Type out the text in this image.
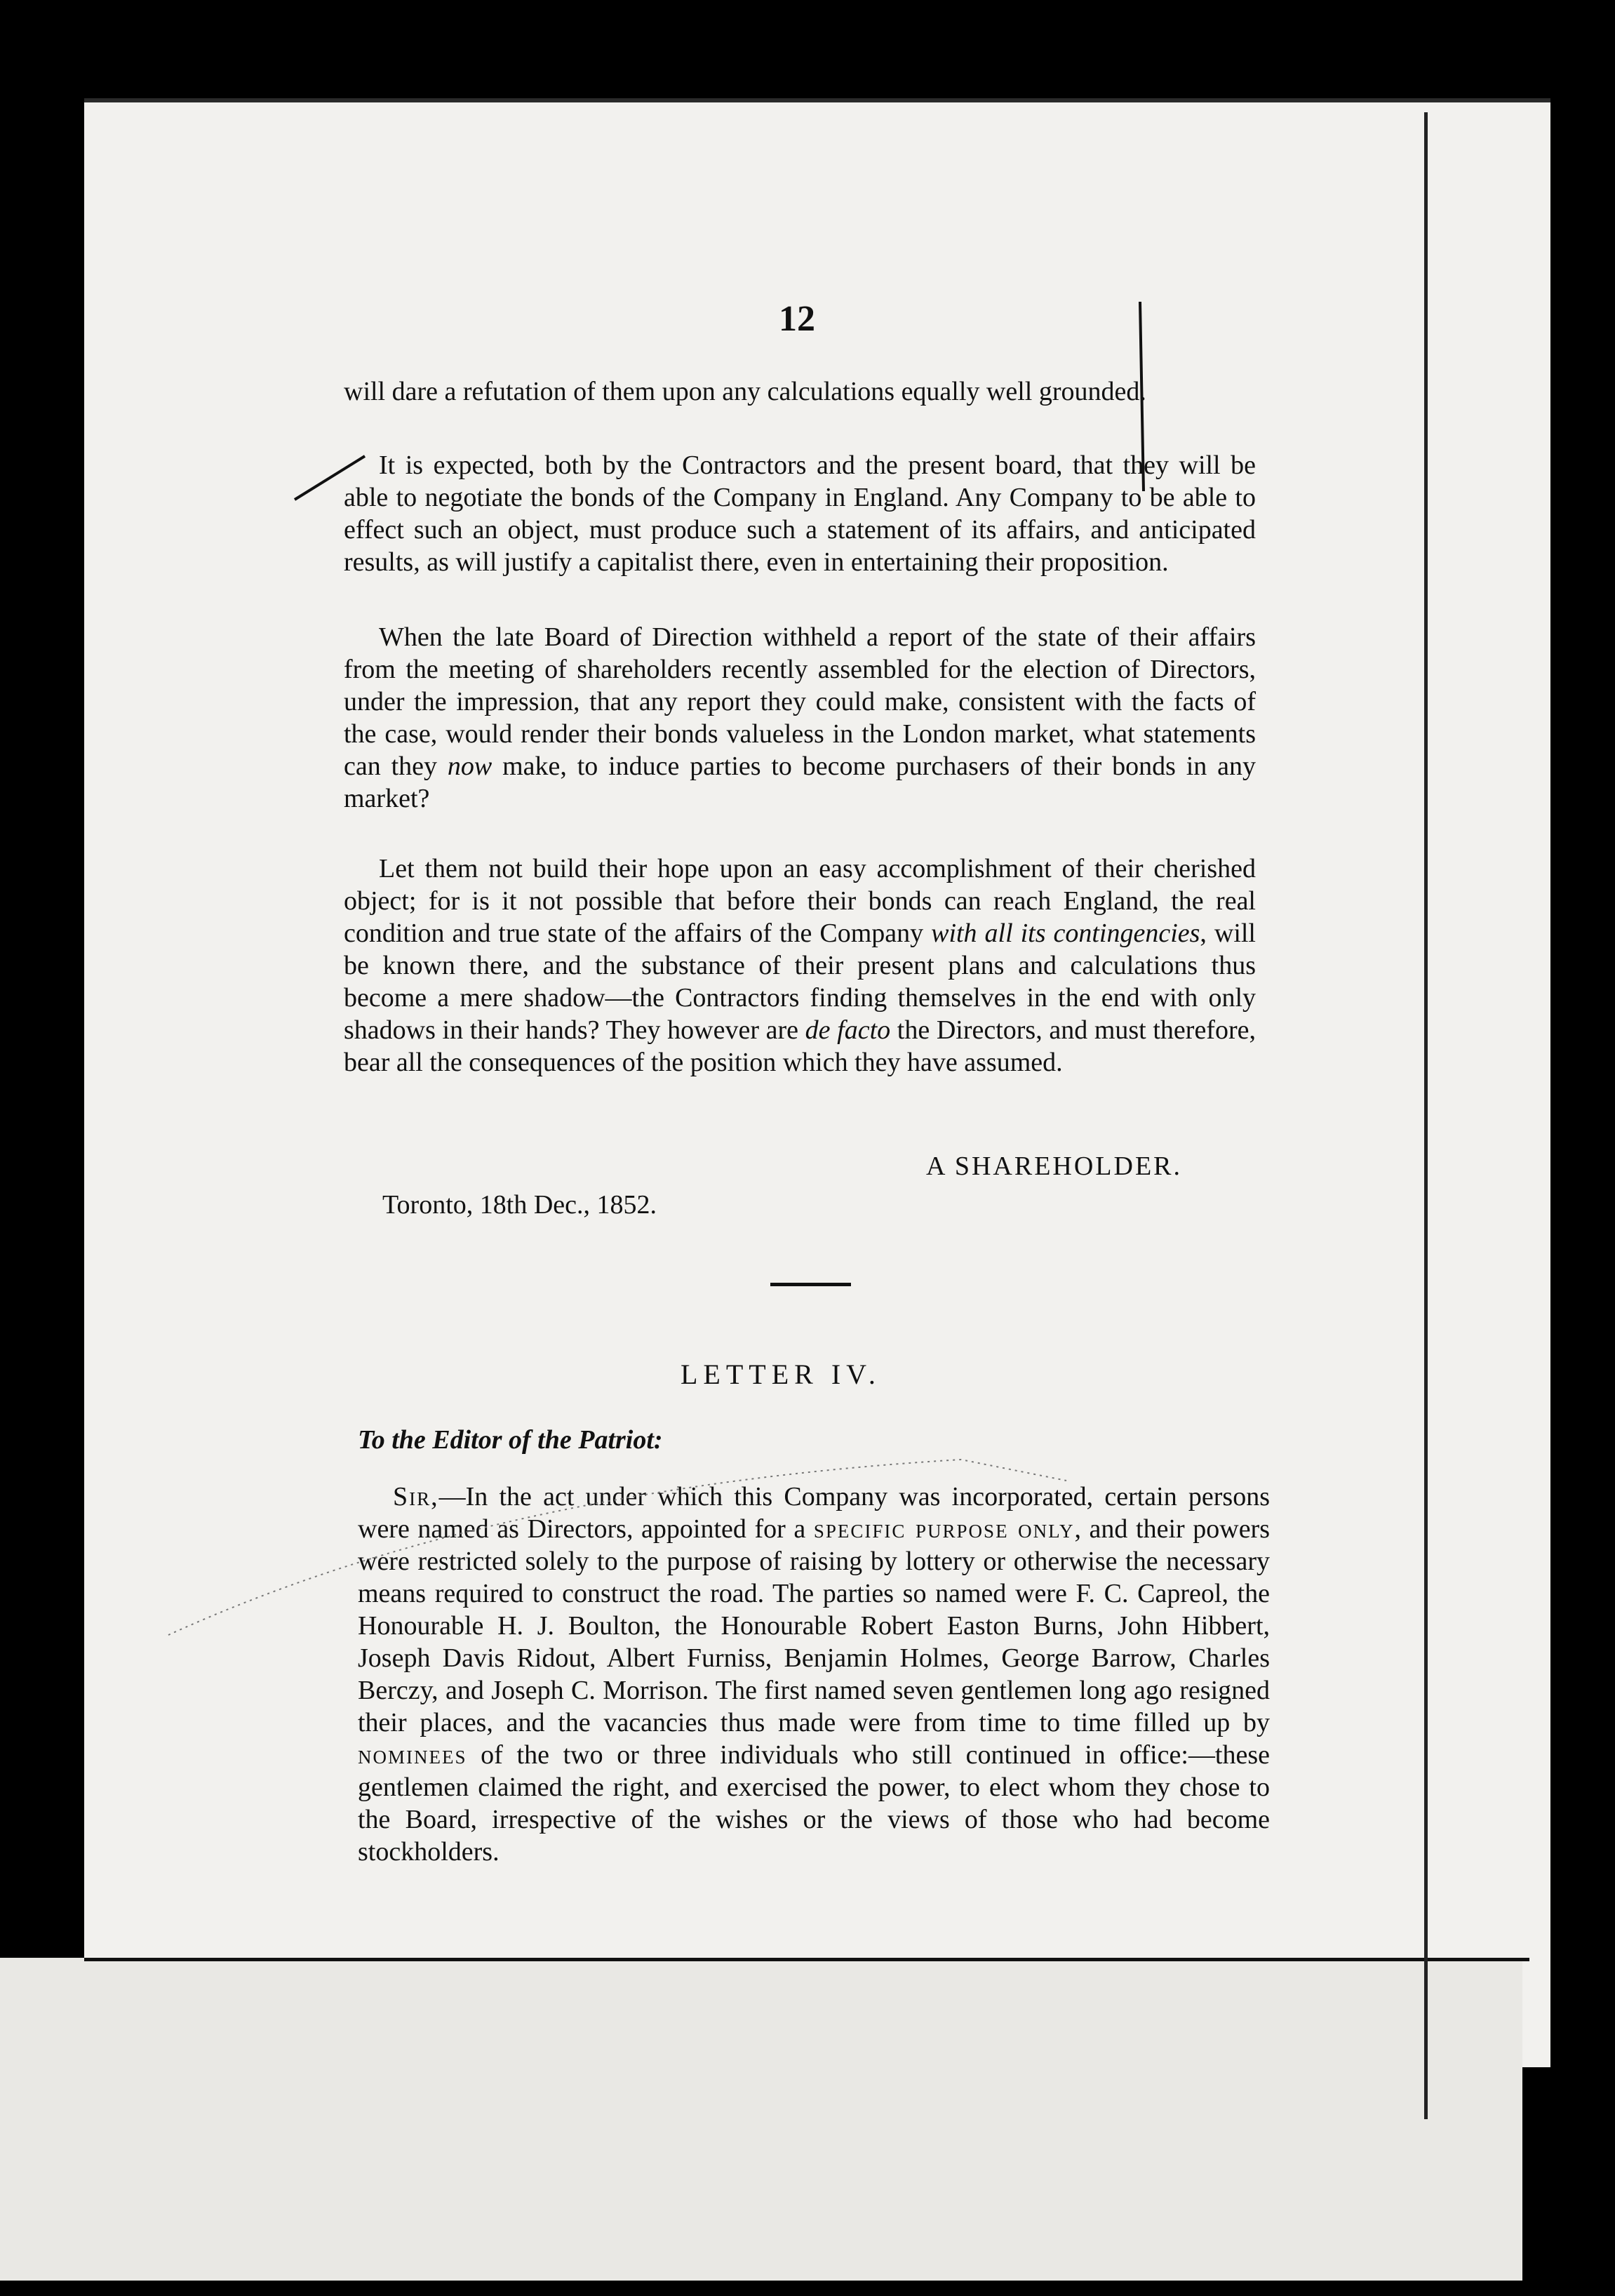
12

will dare a refutation of them upon any calculations equally well grounded.

It is expected, both by the Contractors and the present board, that they will be able to negotiate the bonds of the Company in England. Any Company to be able to effect such an object, must produce such a statement of its affairs, and anticipated results, as will justify a capitalist there, even in entertaining their proposition.

When the late Board of Direction withheld a report of the state of their affairs from the meeting of shareholders recently assembled for the election of Directors, under the impression, that any report they could make, consistent with the facts of the case, would render their bonds valueless in the London market, what statements can they now make, to induce parties to become purchasers of their bonds in any market?

Let them not build their hope upon an easy accomplishment of their cherished object; for is it not possible that before their bonds can reach England, the real condition and true state of the affairs of the Company with all its contingencies, will be known there, and the substance of their present plans and calculations thus become a mere shadow—the Contractors finding themselves in the end with only shadows in their hands? They however are de facto the Directors, and must therefore, bear all the consequences of the position which they have assumed.

A SHAREHOLDER.
Toronto, 18th Dec., 1852.
LETTER IV.
To the Editor of the Patriot:

Sir,—In the act under which this Company was incorporated, certain persons were named as Directors, appointed for a specific purpose only, and their powers were restricted solely to the purpose of raising by lottery or otherwise the necessary means required to construct the road. The parties so named were F. C. Capreol, the Honourable H. J. Boulton, the Honourable Robert Easton Burns, John Hibbert, Joseph Davis Ridout, Albert Furniss, Benjamin Holmes, George Barrow, Charles Berczy, and Joseph C. Morrison. The first named seven gentlemen long ago resigned their places, and the vacancies thus made were from time to time filled up by nominees of the two or three individuals who still continued in office:—these gentlemen claimed the right, and exercised the power, to elect whom they chose to the Board, irrespective of the wishes or the views of those who had become stockholders.
